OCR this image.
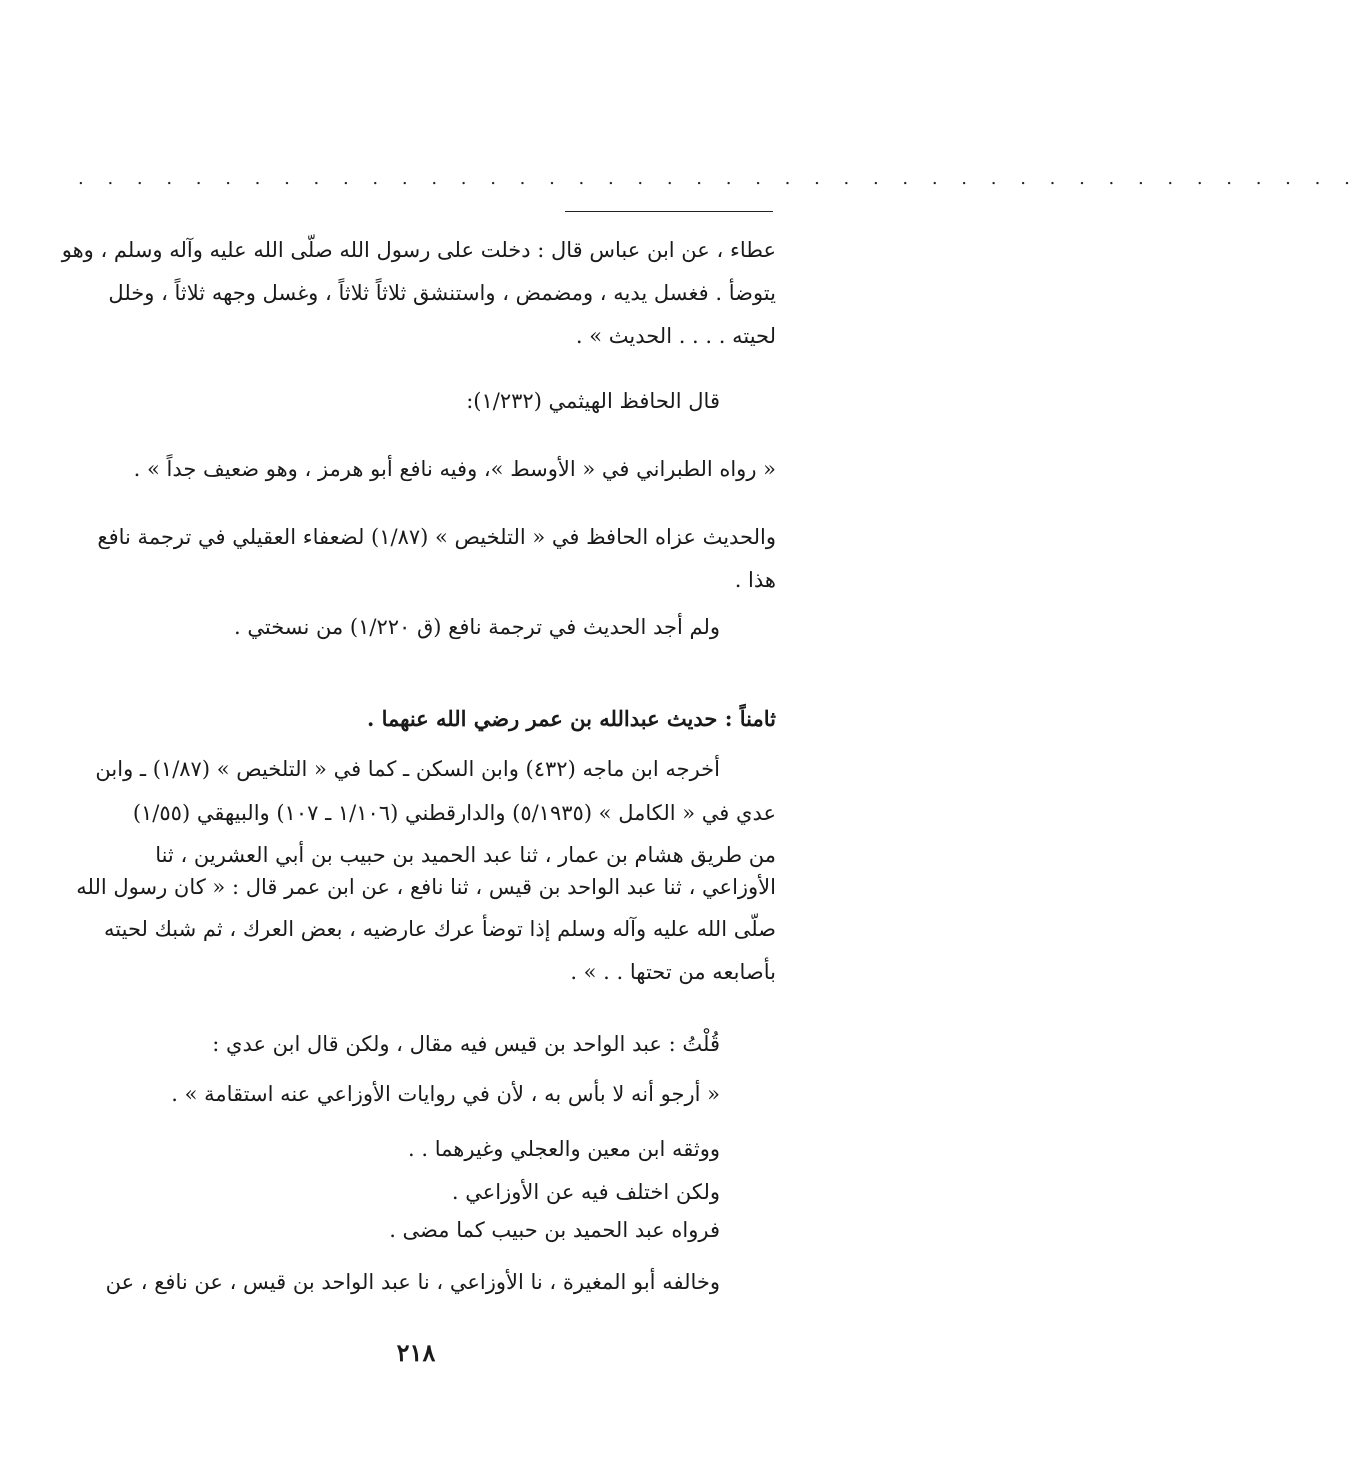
. . . . . . . . . . . . . . . . . . . . . . . . . . . . . . . . . . . . . . . . . . . .
عطاء ، عن ابن عباس قال : دخلت على رسول الله صلّى الله عليه وآله وسلم ، وهو
يتوضأ . فغسل يديه ، ومضمض ، واستنشق ثلاثاً ثلاثاً ، وغسل وجهه ثلاثاً ، وخلل
لحيته . . . . الحديث » .
قال الحافظ الهيثمي (١/٢٣٢):
« رواه الطبراني في « الأوسط »، وفيه نافع أبو هرمز ، وهو ضعيف جداً » .
والحديث عزاه الحافظ في « التلخيص » (١/٨٧) لضعفاء العقيلي في ترجمة نافع
هذا .
ولم أجد الحديث في ترجمة نافع (ق ١/٢٢٠) من نسختي .
ثامناً : حديث عبدالله بن عمر رضي الله عنهما .
أخرجه ابن ماجه (٤٣٢) وابن السكن ـ كما في « التلخيص » (١/٨٧) ـ وابن
عدي في « الكامل » (٥/١٩٣٥) والدارقطني (١/١٠٦ ـ ١٠٧) والبيهقي (١/٥٥)
من طريق هشام بن عمار ، ثنا عبد الحميد بن حبيب بن أبي العشرين ، ثنا
الأوزاعي ، ثنا عبد الواحد بن قيس ، ثنا نافع ، عن ابن عمر قال : « كان رسول الله
صلّى الله عليه وآله وسلم إذا توضأ عرك عارضيه ، بعض العرك ، ثم شبك لحيته
بأصابعه من تحتها . . » .
قُلْتُ : عبد الواحد بن قيس فيه مقال ، ولكن قال ابن عدي :
« أرجو أنه لا بأس به ، لأن في روايات الأوزاعي عنه استقامة » .
ووثقه ابن معين والعجلي وغيرهما . .
ولكن اختلف فيه عن الأوزاعي .
فرواه عبد الحميد بن حبيب كما مضى .
وخالفه أبو المغيرة ، نا الأوزاعي ، نا عبد الواحد بن قيس ، عن نافع ، عن
٢١٨
